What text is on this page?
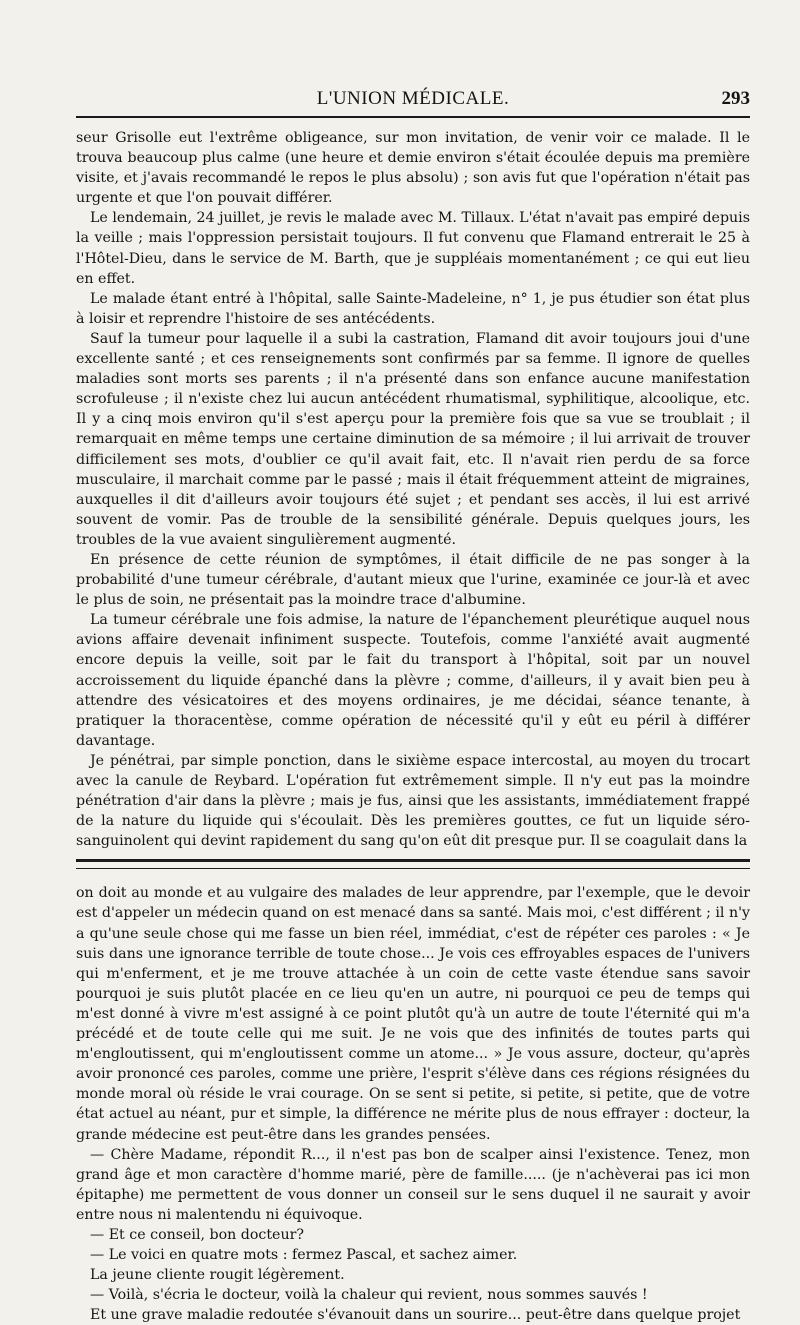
L'UNION MÉDICALE.	293

seur Grisolle eut l'extrême obligeance, sur mon invitation, de venir voir ce malade. Il le trouva beaucoup plus calme (une heure et demie environ s'était écoulée depuis ma première visite, et j'avais recommandé le repos le plus absolu) ; son avis fut que l'opération n'était pas urgente et que l'on pouvait différer.

Le lendemain, 24 juillet, je revis le malade avec M. Tillaux. L'état n'avait pas empiré depuis la veille ; mais l'oppression persistait toujours. Il fut convenu que Flamand entrerait le 25 à l'Hôtel-Dieu, dans le service de M. Barth, que je suppléais momentanément ; ce qui eut lieu en effet.

Le malade étant entré à l'hôpital, salle Sainte-Madeleine, n° 1, je pus étudier son état plus à loisir et reprendre l'histoire de ses antécédents.

Sauf la tumeur pour laquelle il a subi la castration, Flamand dit avoir toujours joui d'une excellente santé ; et ces renseignements sont confirmés par sa femme. Il ignore de quelles maladies sont morts ses parents ; il n'a présenté dans son enfance aucune manifestation scrofuleuse ; il n'existe chez lui aucun antécédent rhumatismal, syphilitique, alcoolique, etc. Il y a cinq mois environ qu'il s'est aperçu pour la première fois que sa vue se troublait ; il remarquait en même temps une certaine diminution de sa mémoire ; il lui arrivait de trouver difficilement ses mots, d'oublier ce qu'il avait fait, etc. Il n'avait rien perdu de sa force musculaire, il marchait comme par le passé ; mais il était fréquemment atteint de migraines, auxquelles il dit d'ailleurs avoir toujours été sujet ; et pendant ses accès, il lui est arrivé souvent de vomir. Pas de trouble de la sensibilité générale. Depuis quelques jours, les troubles de la vue avaient singulièrement augmenté.

En présence de cette réunion de symptômes, il était difficile de ne pas songer à la probabilité d'une tumeur cérébrale, d'autant mieux que l'urine, examinée ce jour-là et avec le plus de soin, ne présentait pas la moindre trace d'albumine.

La tumeur cérébrale une fois admise, la nature de l'épanchement pleurétique auquel nous avions affaire devenait infiniment suspecte. Toutefois, comme l'anxiété avait augmenté encore depuis la veille, soit par le fait du transport à l'hôpital, soit par un nouvel accroissement du liquide épanché dans la plèvre ; comme, d'ailleurs, il y avait bien peu à attendre des vésicatoires et des moyens ordinaires, je me décidai, séance tenante, à pratiquer la thoracentèse, comme opération de nécessité qu'il y eût eu péril à différer davantage.

Je pénétrai, par simple ponction, dans le sixième espace intercostal, au moyen du trocart avec la canule de Reybard. L'opération fut extrêmement simple. Il n'y eut pas la moindre pénétration d'air dans la plèvre ; mais je fus, ainsi que les assistants, immédiatement frappé de la nature du liquide qui s'écoulait. Dès les premières gouttes, ce fut un liquide séro-sanguinolent qui devint rapidement du sang qu'on eût dit presque pur. Il se coagulait dans la

on doit au monde et au vulgaire des malades de leur apprendre, par l'exemple, que le devoir est d'appeler un médecin quand on est menacé dans sa santé. Mais moi, c'est différent ; il n'y a qu'une seule chose qui me fasse un bien réel, immédiat, c'est de répéter ces paroles : « Je suis dans une ignorance terrible de toute chose... Je vois ces effroyables espaces de l'univers qui m'enferment, et je me trouve attachée à un coin de cette vaste étendue sans savoir pourquoi je suis plutôt placée en ce lieu qu'en un autre, ni pourquoi ce peu de temps qui m'est donné à vivre m'est assigné à ce point plutôt qu'à un autre de toute l'éternité qui m'a précédé et de toute celle qui me suit. Je ne vois que des infinités de toutes parts qui m'engloutissent, qui m'engloutissent comme un atome... » Je vous assure, docteur, qu'après avoir prononcé ces paroles, comme une prière, l'esprit s'élève dans ces régions résignées du monde moral où réside le vrai courage. On se sent si petite, si petite, si petite, que de votre état actuel au néant, pur et simple, la différence ne mérite plus de nous effrayer : docteur, la grande médecine est peut-être dans les grandes pensées.

— Chère Madame, répondit R..., il n'est pas bon de scalper ainsi l'existence. Tenez, mon grand âge et mon caractère d'homme marié, père de famille..... (je n'achèverai pas ici mon épitaphe) me permettent de vous donner un conseil sur le sens duquel il ne saurait y avoir entre nous ni malentendu ni équivoque.

— Et ce conseil, bon docteur?

— Le voici en quatre mots : fermez Pascal, et sachez aimer.

La jeune cliente rougit légèrement.

— Voilà, s'écria le docteur, voilà la chaleur qui revient, nous sommes sauvés !

Et une grave maladie redoutée s'évanouit dans un sourire... peut-être dans quelque projet
